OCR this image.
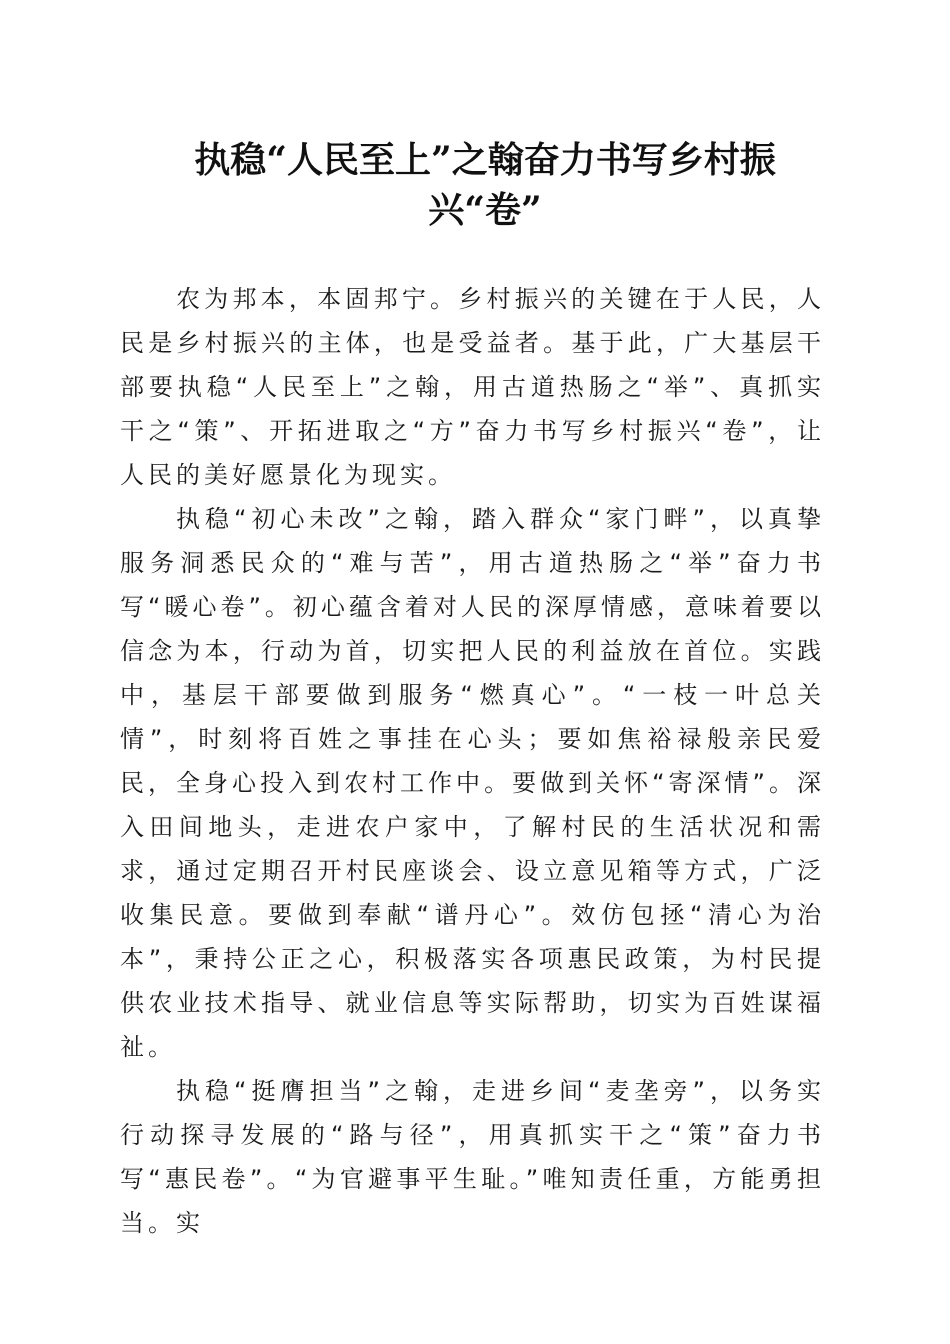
执稳“人民至上”之翰奋力书写乡村振
兴“卷”

农为邦本，本固邦宁。乡村振兴的关键在于人民，人民是乡村振兴的主体，也是受益者。基于此，广大基层干部要执稳“人民至上”之翰，用古道热肠之“举”、真抓实干之“策”、开拓进取之“方”奋力书写乡村振兴“卷”，让人民的美好愿景化为现实。

执稳“初心未改”之翰，踏入群众“家门畔”，以真挚服务洞悉民众的“难与苦”，用古道热肠之“举”奋力书写“暖心卷”。初心蕴含着对人民的深厚情感，意味着要以信念为本，行动为首，切实把人民的利益放在首位。实践中，基层干部要做到服务“燃真心”。“一枝一叶总关情”，时刻将百姓之事挂在心头；要如焦裕禄般亲民爱民，全身心投入到农村工作中。要做到关怀“寄深情”。深入田间地头，走进农户家中，了解村民的生活状况和需求，通过定期召开村民座谈会、设立意见箱等方式，广泛收集民意。要做到奉献“谱丹心”。效仿包拯“清心为治本”，秉持公正之心，积极落实各项惠民政策，为村民提供农业技术指导、就业信息等实际帮助，切实为百姓谋福祉。

执稳“挺膺担当”之翰，走进乡间“麦垄旁”，以务实行动探寻发展的“路与径”，用真抓实干之“策”奋力书写“惠民卷”。“为官避事平生耻。”唯知责任重，方能勇担当。实
